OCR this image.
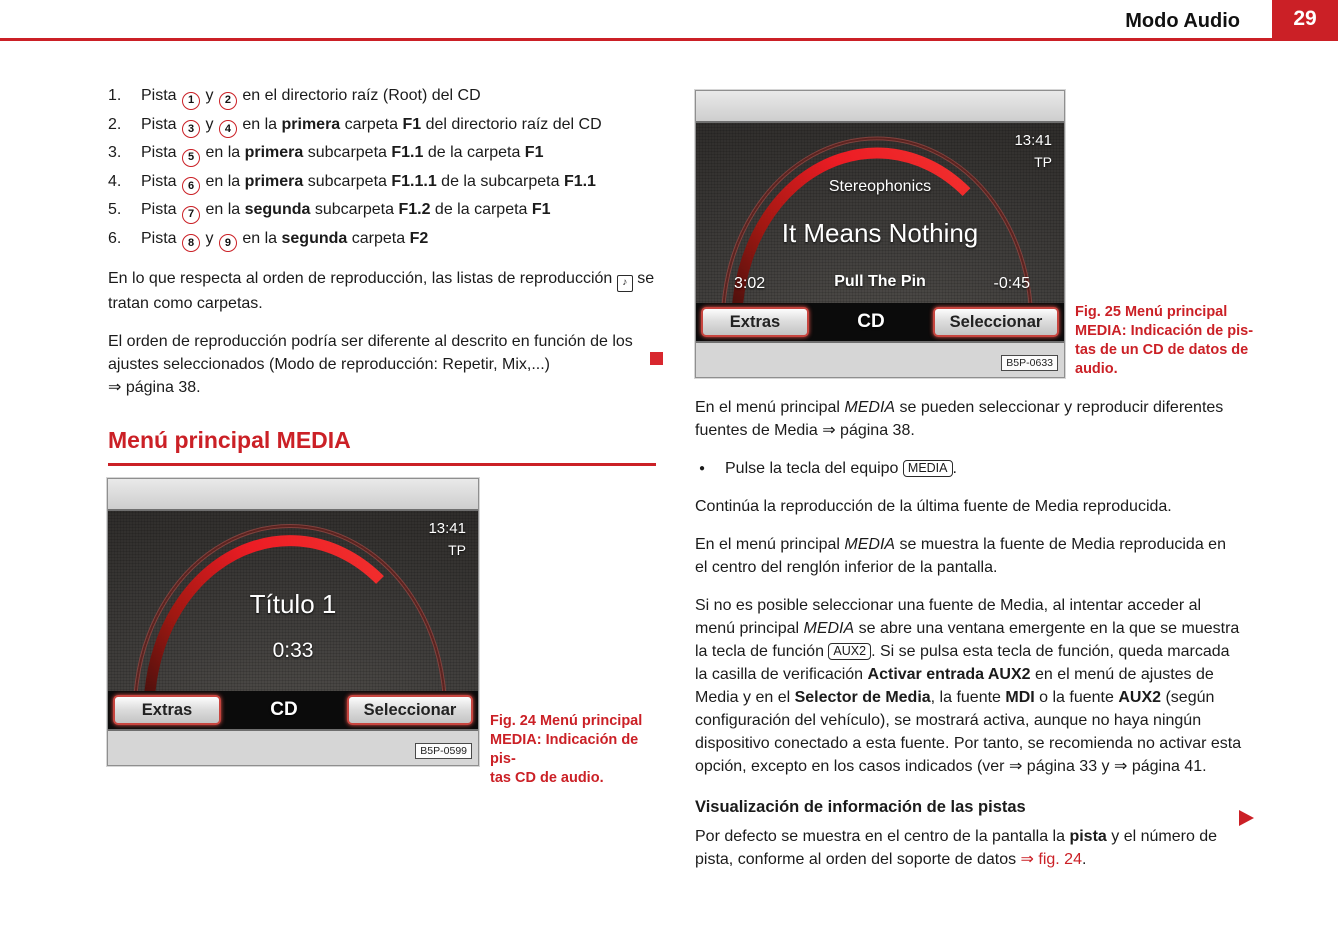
Modo Audio	29
1.	Pista 1 y 2 en el directorio raíz (Root) del CD
2.	Pista 3 y 4 en la primera carpeta F1 del directorio raíz del CD
3.	Pista 5 en la primera subcarpeta F1.1 de la carpeta F1
4.	Pista 6 en la primera subcarpeta F1.1.1 de la subcarpeta F1.1
5.	Pista 7 en la segunda subcarpeta F1.2 de la carpeta F1
6.	Pista 8 y 9 en la segunda carpeta F2
En lo que respecta al orden de reproducción, las listas de reproducción ♪ se tratan como carpetas.
El orden de reproducción podría ser diferente al descrito en función de los ajustes seleccionados (Modo de reproducción: Repetir, Mix,...)
⇒ página 38.
Menú principal MEDIA
13:41
TP
Título 1
0:33
Extras	CD	Seleccionar
B5P-0599
Fig. 24 Menú principal
MEDIA: Indicación de pis-
tas CD de audio.
13:41
TP
Stereophonics
It Means Nothing
3:02	Pull The Pin	-0:45
Extras	CD	Seleccionar
B5P-0633
Fig. 25 Menú principal
MEDIA: Indicación de pis-
tas de un CD de datos de
audio.
En el menú principal MEDIA se pueden seleccionar y reproducir diferentes fuentes de Media ⇒ página 38.
●	Pulse la tecla del equipo MEDIA .
Continúa la reproducción de la última fuente de Media reproducida.
En el menú principal MEDIA se muestra la fuente de Media reproducida en el centro del renglón inferior de la pantalla.
Si no es posible seleccionar una fuente de Media, al intentar acceder al menú principal MEDIA se abre una ventana emergente en la que se muestra la tecla de función AUX2 . Si se pulsa esta tecla de función, queda marcada la casilla de verificación Activar entrada AUX2 en el menú de ajustes de Media y en el Selector de Media, la fuente MDI o la fuente AUX2 (según configuración del vehículo), se mostrará activa, aunque no haya ningún dispositivo conectado a esta fuente. Por tanto, se recomienda no activar esta opción, excepto en los casos indicados (ver ⇒ página 33 y ⇒ página 41.
Visualización de información de las pistas
Por defecto se muestra en el centro de la pantalla la pista y el número de pista, conforme al orden del soporte de datos ⇒ fig. 24.
